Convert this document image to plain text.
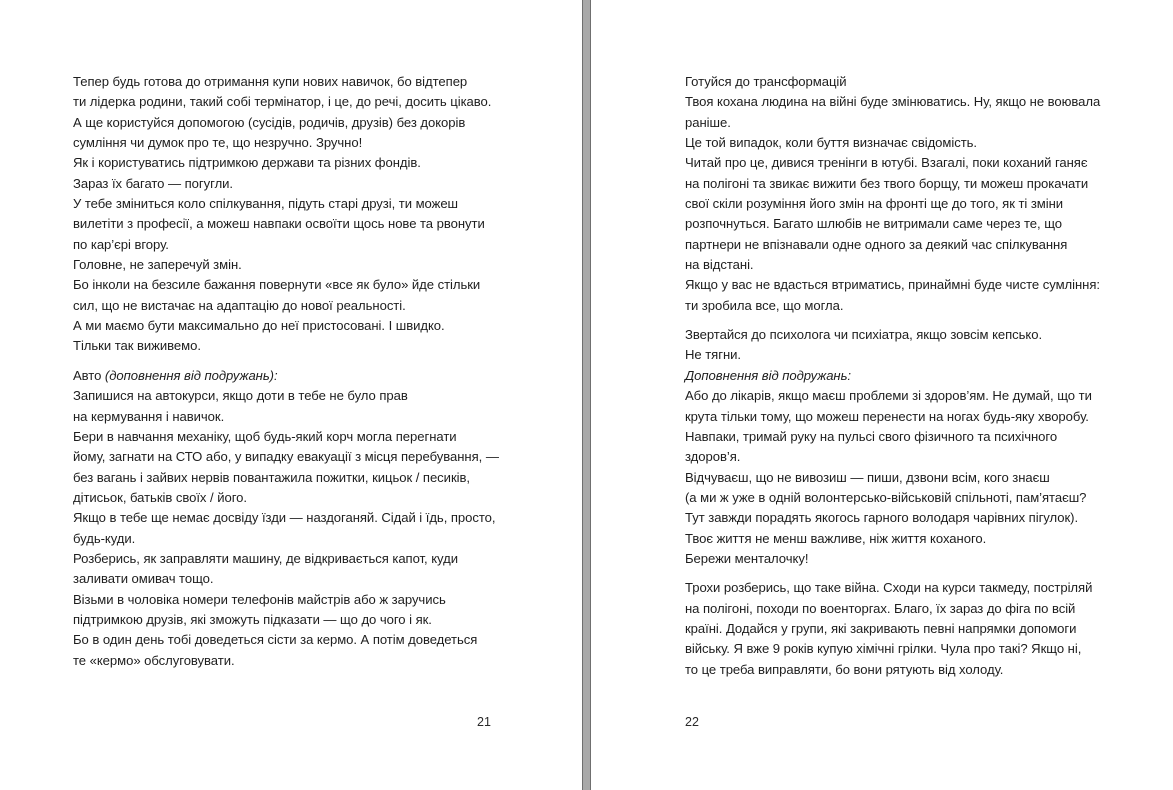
Тепер будь готова до отримання купи нових навичок, бо відтепер
ти лідерка родини, такий собі термінатор, і це, до речі, досить цікаво.
А ще користуйся допомогою (сусідів, родичів, друзів) без докорів
сумління чи думок про те, що незручно. Зручно!
Як і користуватись підтримкою держави та різних фондів.
Зараз їх багато — погугли.
У тебе зміниться коло спілкування, підуть старі друзі, ти можеш
вилетіти з професії, а можеш навпаки освоїти щось нове та рвонути
по кар’єрі вгору.
Головне, не заперечуй змін.
Бо інколи на безсиле бажання повернути «все як було» йде стільки
сил, що не вистачає на адаптацію до нової реальності.
А ми маємо бути максимально до неї пристосовані. І швидко.
Тільки так виживемо.
Авто (доповнення від подружань):
Запишися на автокурси, якщо доти в тебе не було прав
на кермування і навичок.
Бери в навчання механіку, щоб будь-який корч могла перегнати
йому, загнати на СТО або, у випадку евакуації з місця перебування, —
без вагань і зайвих нервів повантажила пожитки, кицьок / песиків,
дітисьок, батьків своїх / його.
Якщо в тебе ще немає досвіду їзди — наздоганяй. Сідай і їдь, просто,
будь-куди.
Розберись, як заправляти машину, де відкривається капот, куди
заливати омивач тощо.
Візьми в чоловіка номери телефонів майстрів або ж заручись
підтримкою друзів, які зможуть підказати — що до чого і як.
Бо в один день тобі доведеться сісти за кермо. А потім доведеться
те «кермо» обслуговувати.
21
Готуйся до трансформацій
Твоя кохана людина на війні буде змінюватись. Ну, якщо не воювала
раніше.
Це той випадок, коли буття визначає свідомість.
Читай про це, дивися тренінги в ютубі. Взагалі, поки коханий ганяє
на полігоні та звикає вижити без твого борщу, ти можеш прокачати
свої скіли розуміння його змін на фронті ще до того, як ті зміни
розпочнуться. Багато шлюбів не витримали саме через те, що
партнери не впізнавали одне одного за деякий час спілкування
на відстані.
Якщо у вас не вдасться втриматись, принаймні буде чисте сумління:
ти зробила все, що могла.
Звертайся до психолога чи психіатра, якщо зовсім кепсько.
Не тягни.
Доповнення від подружань:
Або до лікарів, якщо маєш проблеми зі здоров’ям. Не думай, що ти
крута тільки тому, що можеш перенести на ногах будь-яку хворобу.
Навпаки, тримай руку на пульсі свого фізичного та психічного
здоров’я.
Відчуваєш, що не вивозиш — пиши, дзвони всім, кого знаєш
(а ми ж уже в одній волонтерсько-військовій спільноті, пам’ятаєш?
Тут завжди порадять якогось гарного володаря чарівних пігулок).
Твоє життя не менш важливе, ніж життя коханого.
Бережи менталочку!
Трохи розберись, що таке війна. Сходи на курси такмеду, постріляй
на полігоні, походи по военторгах. Благо, їх зараз до фіга по всій
країні. Додайся у групи, які закривають певні напрямки допомоги
війську. Я вже 9 років купую хімічні грілки. Чула про такі? Якщо ні,
то це треба виправляти, бо вони рятують від холоду.
22
